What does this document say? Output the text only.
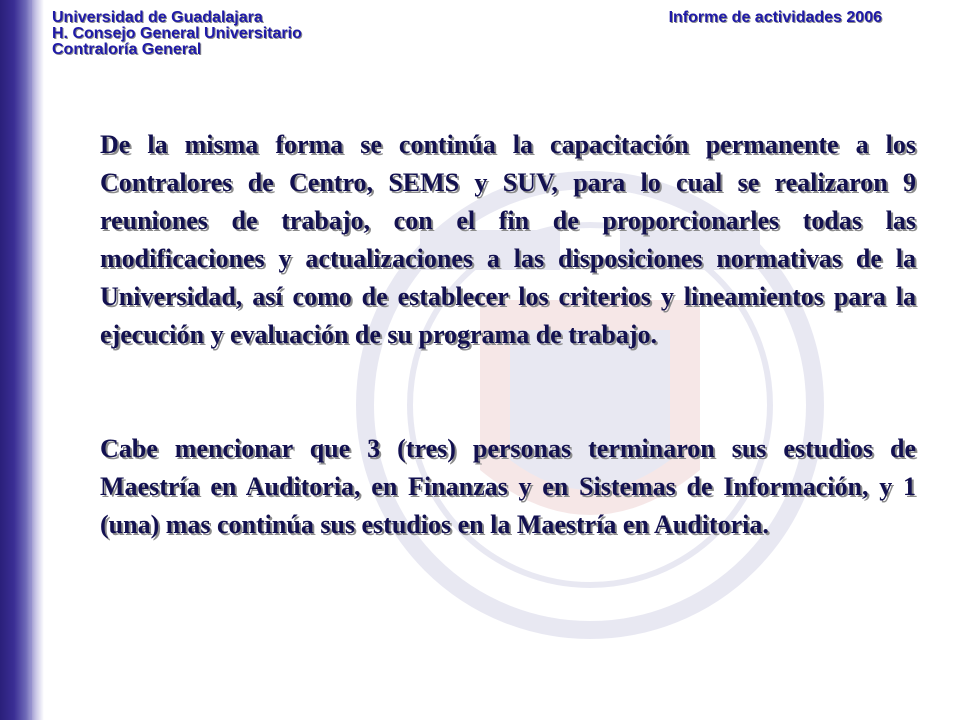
Universidad de Guadalajara
H. Consejo General Universitario
Contraloría General
Informe de actividades 2006

De la misma forma se continúa la capacitación permanente a los Contralores de Centro, SEMS y SUV, para lo cual se realizaron 9 reuniones de trabajo, con el fin de proporcionarles todas las modificaciones y actualizaciones a las disposiciones normativas de la Universidad, así como de establecer los criterios y lineamientos para la ejecución y evaluación de su programa de trabajo.

Cabe mencionar que 3 (tres) personas terminaron sus estudios de Maestría en Auditoria, en Finanzas y en Sistemas de Información, y 1 (una) mas continúa sus estudios en la Maestría en Auditoria.
